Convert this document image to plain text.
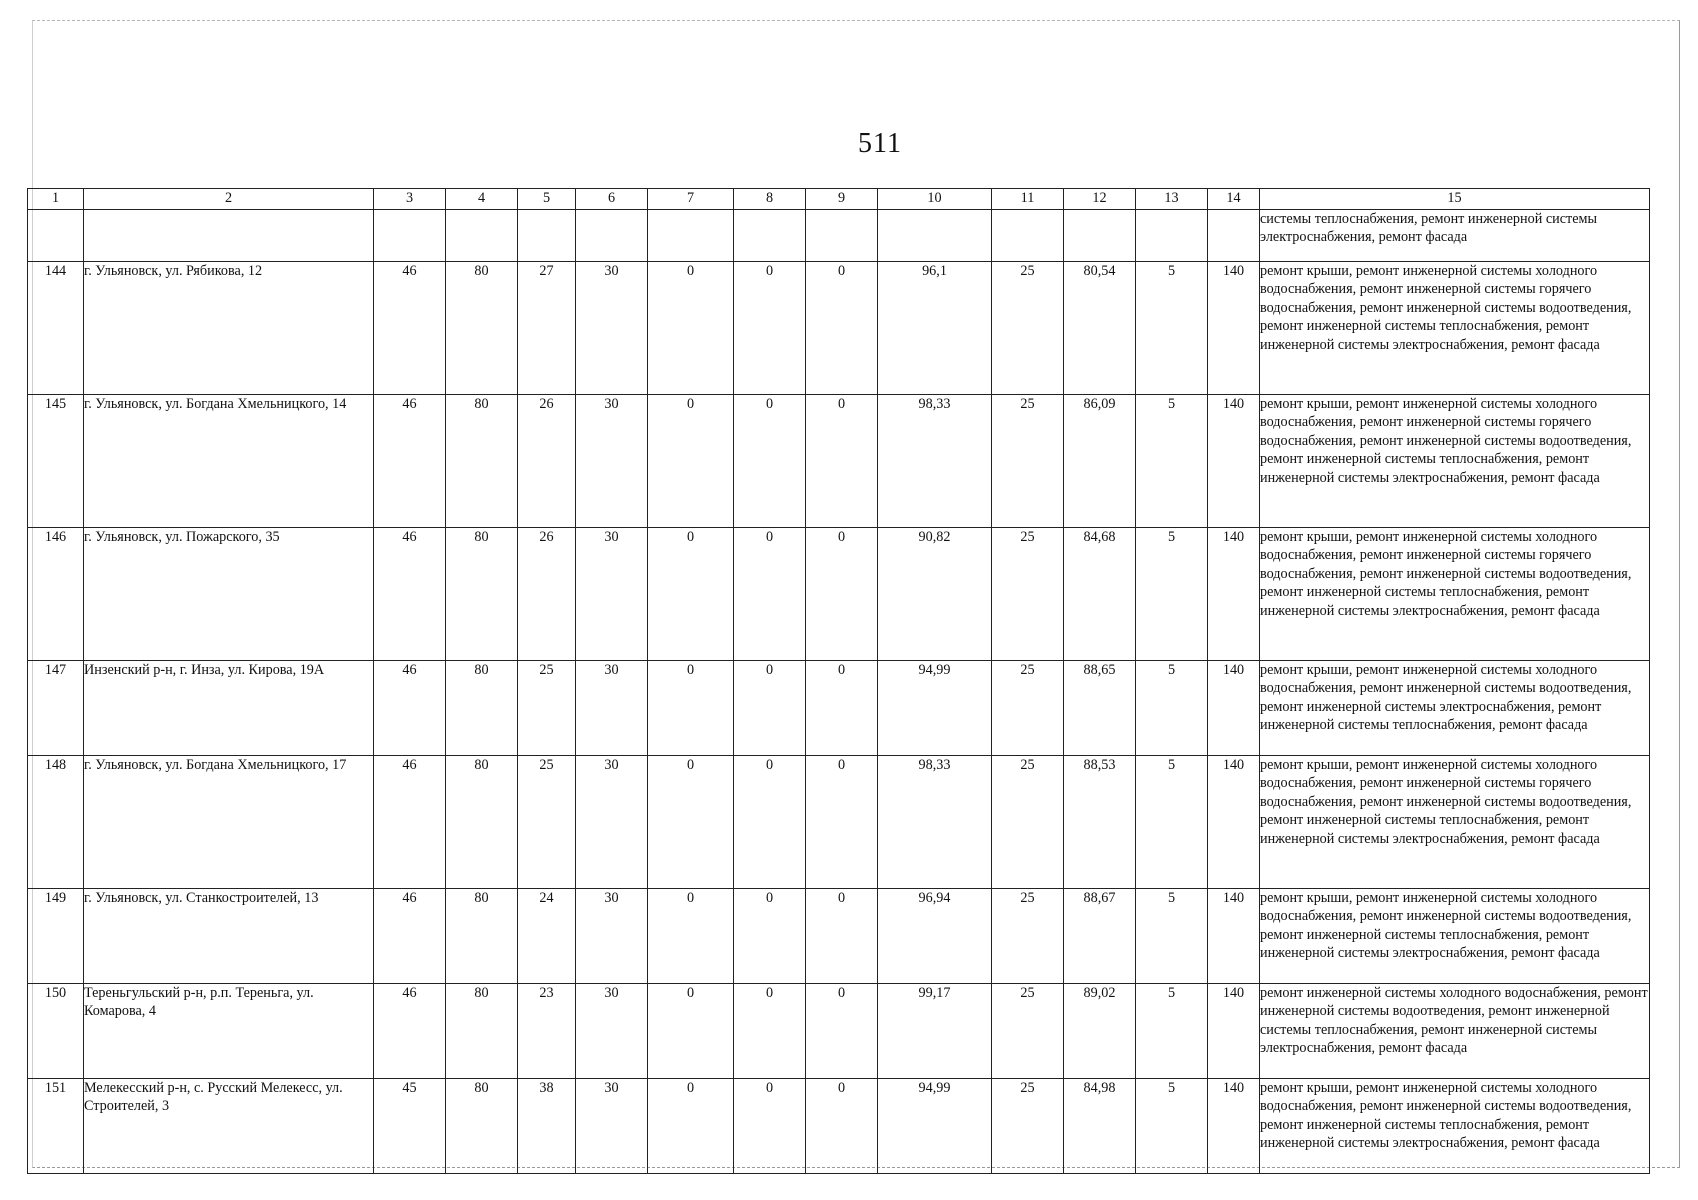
511
1	2	3	4	5	6	7	8	9	10	11	12	13	14	15
														системы теплоснабжения, ремонт инженерной системы электроснабжения, ремонт фасада
144	г. Ульяновск, ул. Рябикова, 12	46	80	27	30	0	0	0	96,1	25	80,54	5	140	ремонт крыши, ремонт инженерной системы холодного водоснабжения, ремонт инженерной системы горячего водоснабжения, ремонт инженерной системы водоотведения, ремонт инженерной системы теплоснабжения, ремонт инженерной системы электроснабжения, ремонт фасада
145	г. Ульяновск, ул. Богдана Хмельницкого, 14	46	80	26	30	0	0	0	98,33	25	86,09	5	140	ремонт крыши, ремонт инженерной системы холодного водоснабжения, ремонт инженерной системы горячего водоснабжения, ремонт инженерной системы водоотведения, ремонт инженерной системы теплоснабжения, ремонт инженерной системы электроснабжения, ремонт фасада
146	г. Ульяновск, ул. Пожарского, 35	46	80	26	30	0	0	0	90,82	25	84,68	5	140	ремонт крыши, ремонт инженерной системы холодного водоснабжения, ремонт инженерной системы горячего водоснабжения, ремонт инженерной системы водоотведения, ремонт инженерной системы теплоснабжения, ремонт инженерной системы электроснабжения, ремонт фасада
147	Инзенский р-н, г. Инза, ул. Кирова, 19А	46	80	25	30	0	0	0	94,99	25	88,65	5	140	ремонт крыши, ремонт инженерной системы холодного водоснабжения, ремонт инженерной системы водоотведения, ремонт инженерной системы электроснабжения, ремонт инженерной системы теплоснабжения, ремонт фасада
148	г. Ульяновск, ул. Богдана Хмельницкого, 17	46	80	25	30	0	0	0	98,33	25	88,53	5	140	ремонт крыши, ремонт инженерной системы холодного водоснабжения, ремонт инженерной системы горячего водоснабжения, ремонт инженерной системы водоотведения, ремонт инженерной системы теплоснабжения, ремонт инженерной системы электроснабжения, ремонт фасада
149	г. Ульяновск, ул. Станкостроителей, 13	46	80	24	30	0	0	0	96,94	25	88,67	5	140	ремонт крыши, ремонт инженерной системы холодного водоснабжения, ремонт инженерной системы водоотведения, ремонт инженерной системы теплоснабжения, ремонт инженерной системы электроснабжения, ремонт фасада
150	Тереньгульский р-н, р.п. Тереньга, ул. Комарова, 4	46	80	23	30	0	0	0	99,17	25	89,02	5	140	ремонт инженерной системы холодного водоснабжения, ремонт инженерной системы водоотведения, ремонт инженерной системы теплоснабжения, ремонт инженерной системы электроснабжения, ремонт фасада
151	Мелекесский р-н, с. Русский Мелекесс, ул. Строителей, 3	45	80	38	30	0	0	0	94,99	25	84,98	5	140	ремонт крыши, ремонт инженерной системы холодного водоснабжения, ремонт инженерной системы водоотведения, ремонт инженерной системы теплоснабжения, ремонт инженерной системы электроснабжения, ремонт фасада
